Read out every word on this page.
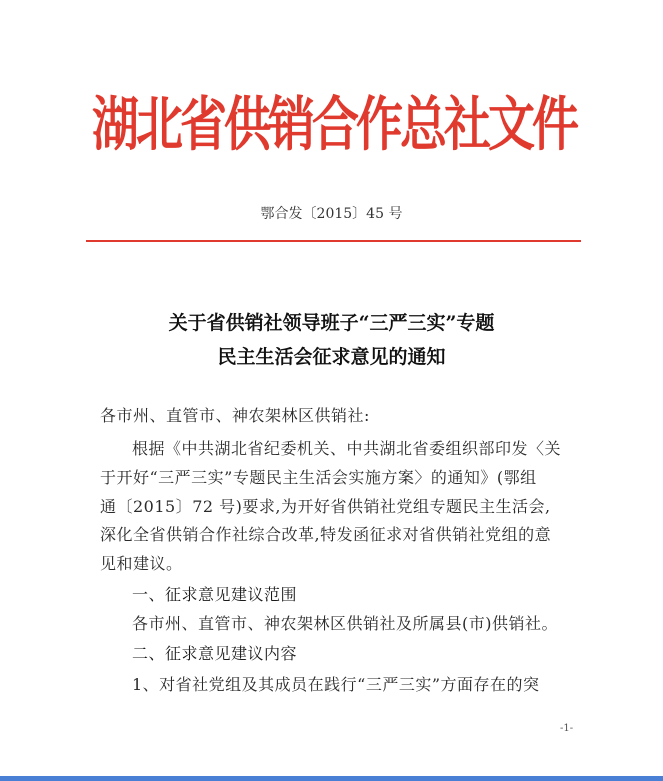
湖北省供销合作总社文件
鄂合发〔2015〕45 号
关于省供销社领导班子“三严三实”专题
民主生活会征求意见的通知
各市州、直管市、神农架林区供销社:
根据《中共湖北省纪委机关、中共湖北省委组织部印发〈关
于开好“三严三实”专题民主生活会实施方案〉的通知》(鄂组
通〔2015〕72 号)要求,为开好省供销社党组专题民主生活会,
深化全省供销合作社综合改革,特发函征求对省供销社党组的意
见和建议。
一、征求意见建议范围
各市州、直管市、神农架林区供销社及所属县(市)供销社。
二、征求意见建议内容
1、对省社党组及其成员在践行“三严三实”方面存在的突
-1-
